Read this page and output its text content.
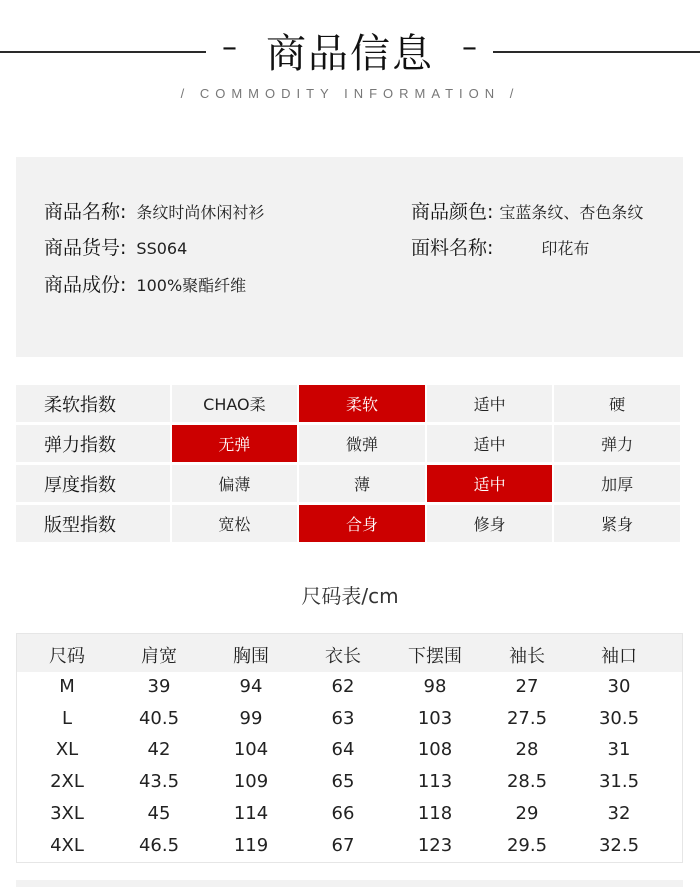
–	–
商品信息
/ COMMODITY INFORMATION /
商品名称: 条纹时尚休闲衬衫
商品货号: SS064
商品成份: 100%聚酯纤维
商品颜色: 宝蓝条纹、杏色条纹
面料名称:	印花布
柔软指数	CHAO柔	柔软	适中	硬
弹力指数	无弹	微弹	适中	弹力
厚度指数	偏薄	薄	适中	加厚
版型指数	宽松	合身	修身	紧身
尺码表/cm
尺码	肩宽	胸围	衣长	下摆围	袖长	袖口
M	39	94	62	98	27	30
L	40.5	99	63	103	27.5	30.5
XL	42	104	64	108	28	31
2XL	43.5	109	65	113	28.5	31.5
3XL	45	114	66	118	29	32
4XL	46.5	119	67	123	29.5	32.5
